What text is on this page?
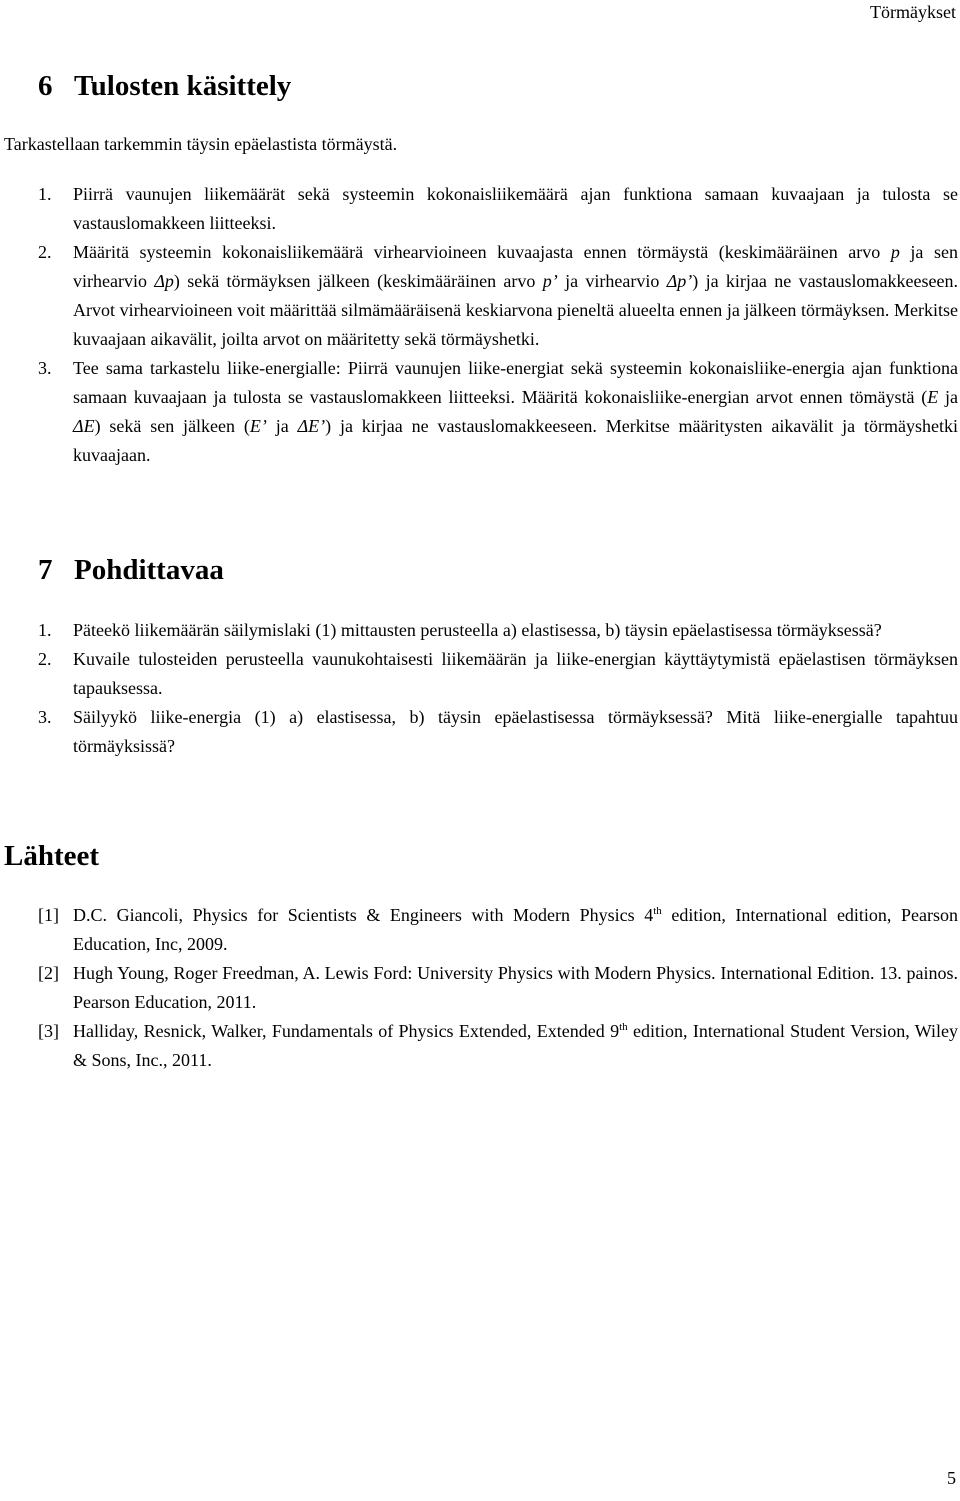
Törmäykset
6 Tulosten käsittely

Tarkastellaan tarkemmin täysin epäelastista törmäystä.

1.	Piirrä vaunujen liikemäärät sekä systeemin kokonaisliikemäärä ajan funktiona samaan kuvaajaan ja tulosta se vastauslomakkeen liitteeksi.
2.	Määritä systeemin kokonaisliikemäärä virhearvioineen kuvaajasta ennen törmäystä (keskimääräinen arvo p ja sen virhearvio Δp) sekä törmäyksen jälkeen (keskimääräinen arvo p’ ja virhearvio Δp’) ja kirjaa ne vastauslomakkeeseen. Arvot virhearvioineen voit määrittää silmämääräisenä keskiarvona pieneltä alueelta ennen ja jälkeen törmäyksen. Merkitse kuvaajaan aikavälit, joilta arvot on määritetty sekä törmäyshetki.
3.	Tee sama tarkastelu liike-energialle: Piirrä vaunujen liike-energiat sekä systeemin kokonaisliike-energia ajan funktiona samaan kuvaajaan ja tulosta se vastauslomakkeen liitteeksi. Määritä kokonaisliike-energian arvot ennen tömäystä (E ja ΔE) sekä sen jälkeen (E’ ja ΔE’) ja kirjaa ne vastauslomakkeeseen. Merkitse määritysten aikavälit ja törmäyshetki kuvaajaan.
7 Pohdittavaa
1.	Päteekö liikemäärän säilymislaki (1) mittausten perusteella a) elastisessa, b) täysin epäelastisessa törmäyksessä?
2.	Kuvaile tulosteiden perusteella vaunukohtaisesti liikemäärän ja liike-energian käyttäytymistä epäelastisen törmäyksen tapauksessa.
3.	Säilyykö liike-energia (1) a) elastisessa, b) täysin epäelastisessa törmäyksessä? Mitä liike-energialle tapahtuu törmäyksissä?
Lähteet
[1] D.C. Giancoli, Physics for Scientists & Engineers with Modern Physics 4th edition, International edition, Pearson Education, Inc, 2009.
[2] Hugh Young, Roger Freedman, A. Lewis Ford: University Physics with Modern Physics. International Edition. 13. painos. Pearson Education, 2011.
[3] Halliday, Resnick, Walker, Fundamentals of Physics Extended, Extended 9th edition, International Student Version, Wiley & Sons, Inc., 2011.
5
